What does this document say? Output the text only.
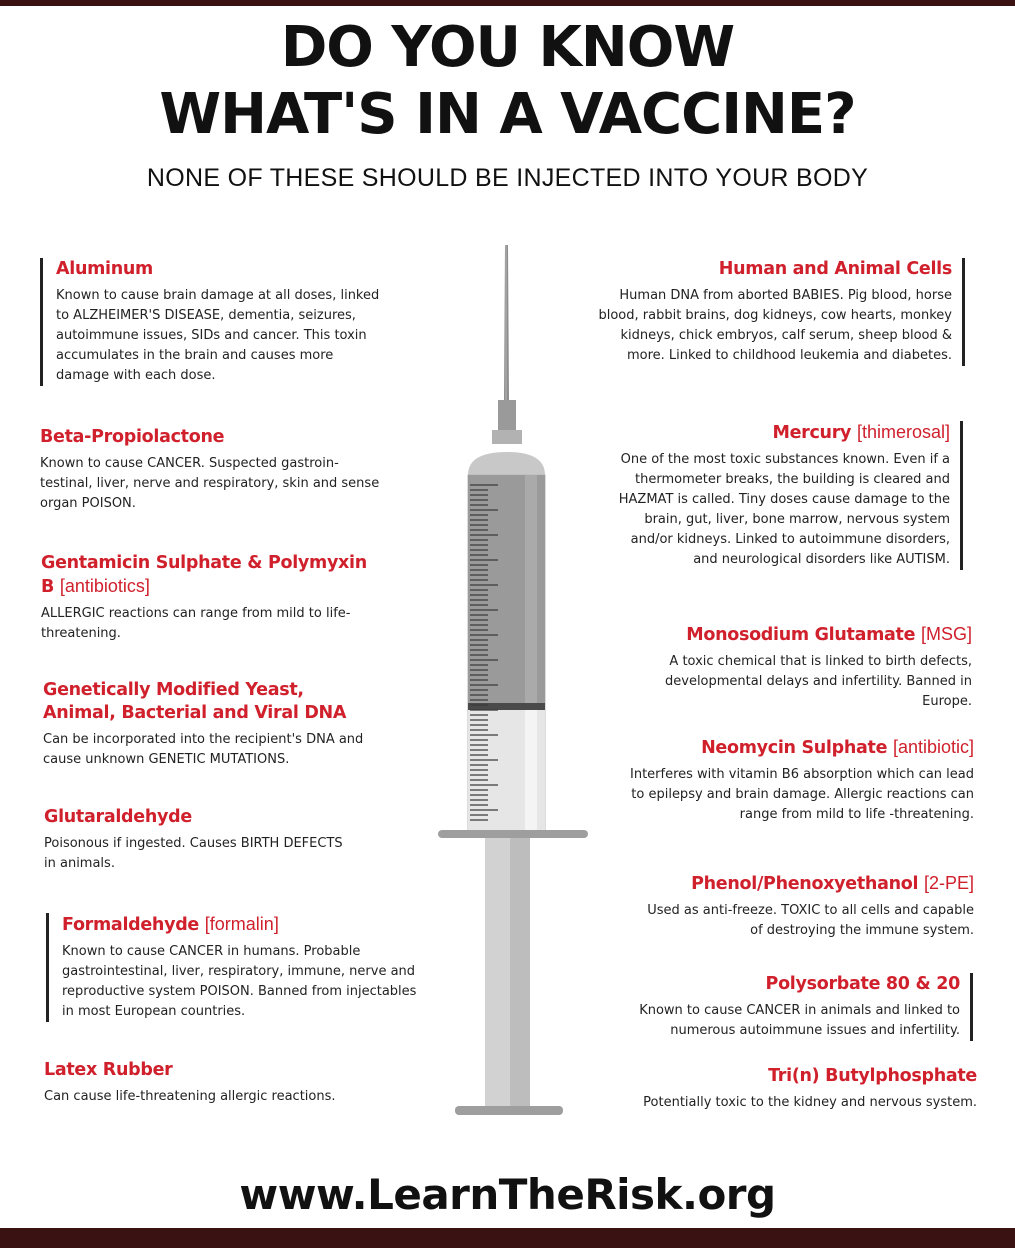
DO YOU KNOW
WHAT'S IN A VACCINE?
NONE OF THESE SHOULD BE INJECTED INTO YOUR BODY
Aluminum

Known to cause brain damage at all doses, linked to ALZHEIMER'S DISEASE, dementia, seizures, autoimmune issues, SIDs and cancer. This toxin accumulates in the brain and causes more damage with each dose.

Beta-Propiolactone

Known to cause CANCER. Suspected gastroin-testinal, liver, nerve and respiratory, skin and sense organ POISON.

Gentamicin Sulphate & Polymyxin B [antibiotics]

ALLERGIC reactions can range from mild to life-threatening.

Genetically Modified Yeast, Animal, Bacterial and Viral DNA

Can be incorporated into the recipient's DNA and cause unknown GENETIC MUTATIONS.

Glutaraldehyde

Poisonous if ingested. Causes BIRTH DEFECTS in animals.

Formaldehyde [formalin]

Known to cause CANCER in humans. Probable gastrointestinal, liver, respiratory, immune, nerve and reproductive system POISON. Banned from injectables in most European countries.

Latex Rubber

Can cause life-threatening allergic reactions.

Human and Animal Cells

Human DNA from aborted BABIES. Pig blood, horse blood, rabbit brains, dog kidneys, cow hearts, monkey kidneys, chick embryos, calf serum, sheep blood & more. Linked to childhood leukemia and diabetes.

Mercury [thimerosal]

One of the most toxic substances known. Even if a thermometer breaks, the building is cleared and HAZMAT is called. Tiny doses cause damage to the brain, gut, liver, bone marrow, nervous system and/or kidneys. Linked to autoimmune disorders, and neurological disorders like AUTISM.

Monosodium Glutamate [MSG]

A toxic chemical that is linked to birth defects, developmental delays and infertility. Banned in Europe.

Neomycin Sulphate [antibiotic]

Interferes with vitamin B6 absorption which can lead to epilepsy and brain damage. Allergic reactions can range from mild to life -threatening.

Phenol/Phenoxyethanol [2-PE]

Used as anti-freeze. TOXIC to all cells and capable of destroying the immune system.

Polysorbate 80 & 20

Known to cause CANCER in animals and linked to numerous autoimmune issues and infertility.

Tri(n) Butylphosphate

Potentially toxic to the kidney and nervous system.

www.LearnTheRisk.org
